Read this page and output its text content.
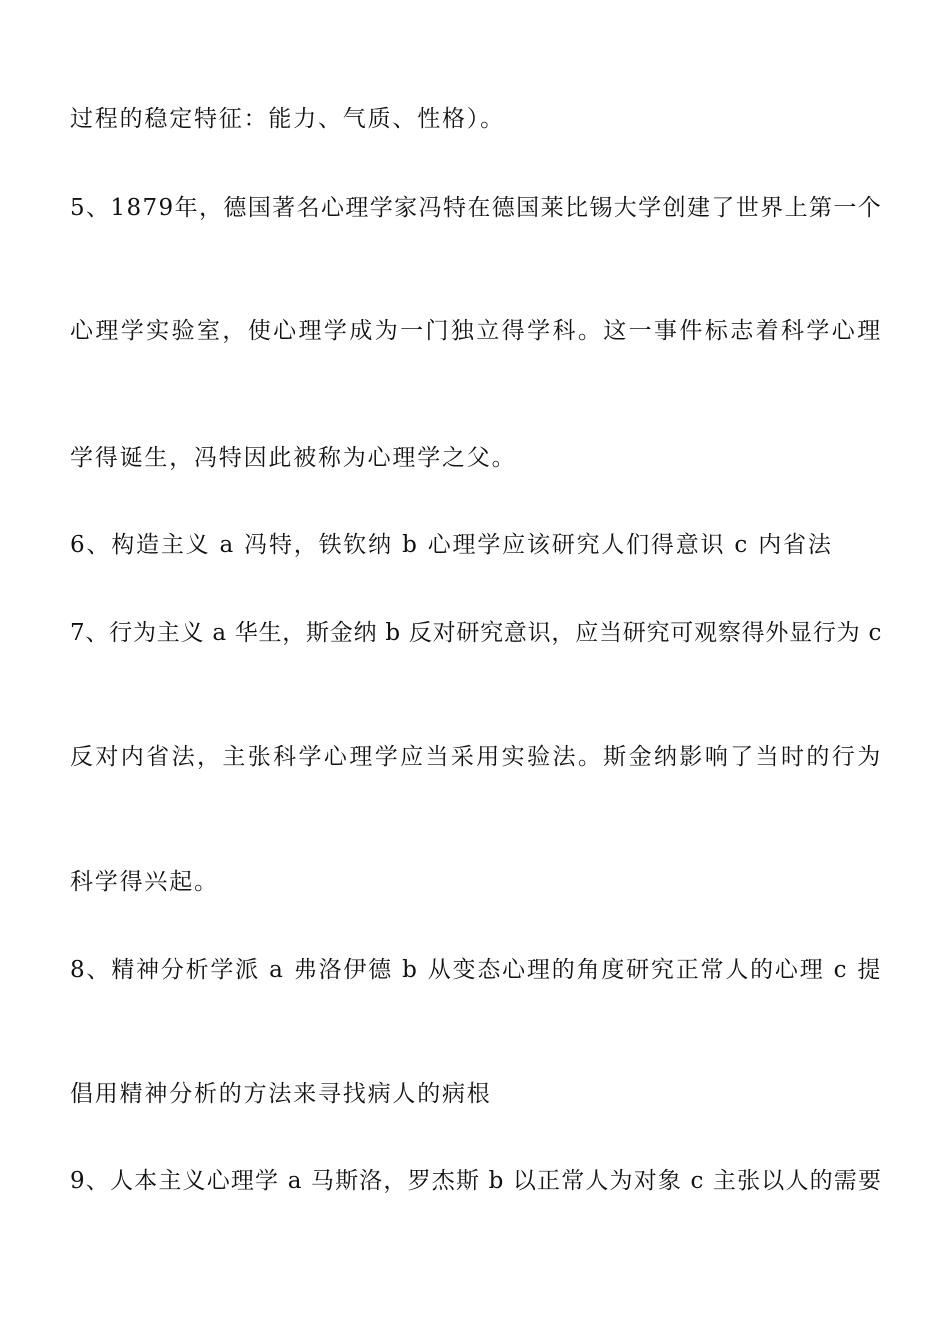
过程的稳定特征：能力、气质、性格）。
5、1879年，德国著名心理学家冯特在德国莱比锡大学创建了世界上第一个
心理学实验室，使心理学成为一门独立得学科。这一事件标志着科学心理
学得诞生，冯特因此被称为心理学之父。
6、构造主义 a 冯特，铁钦纳 b 心理学应该研究人们得意识 c 内省法
7、行为主义 a 华生，斯金纳 b 反对研究意识，应当研究可观察得外显行为 c
反对内省法，主张科学心理学应当采用实验法。斯金纳影响了当时的行为
科学得兴起。
8、精神分析学派 a 弗洛伊德 b 从变态心理的角度研究正常人的心理 c 提
倡用精神分析的方法来寻找病人的病根
9、人本主义心理学 a 马斯洛，罗杰斯 b 以正常人为对象 c 主张以人的需要
